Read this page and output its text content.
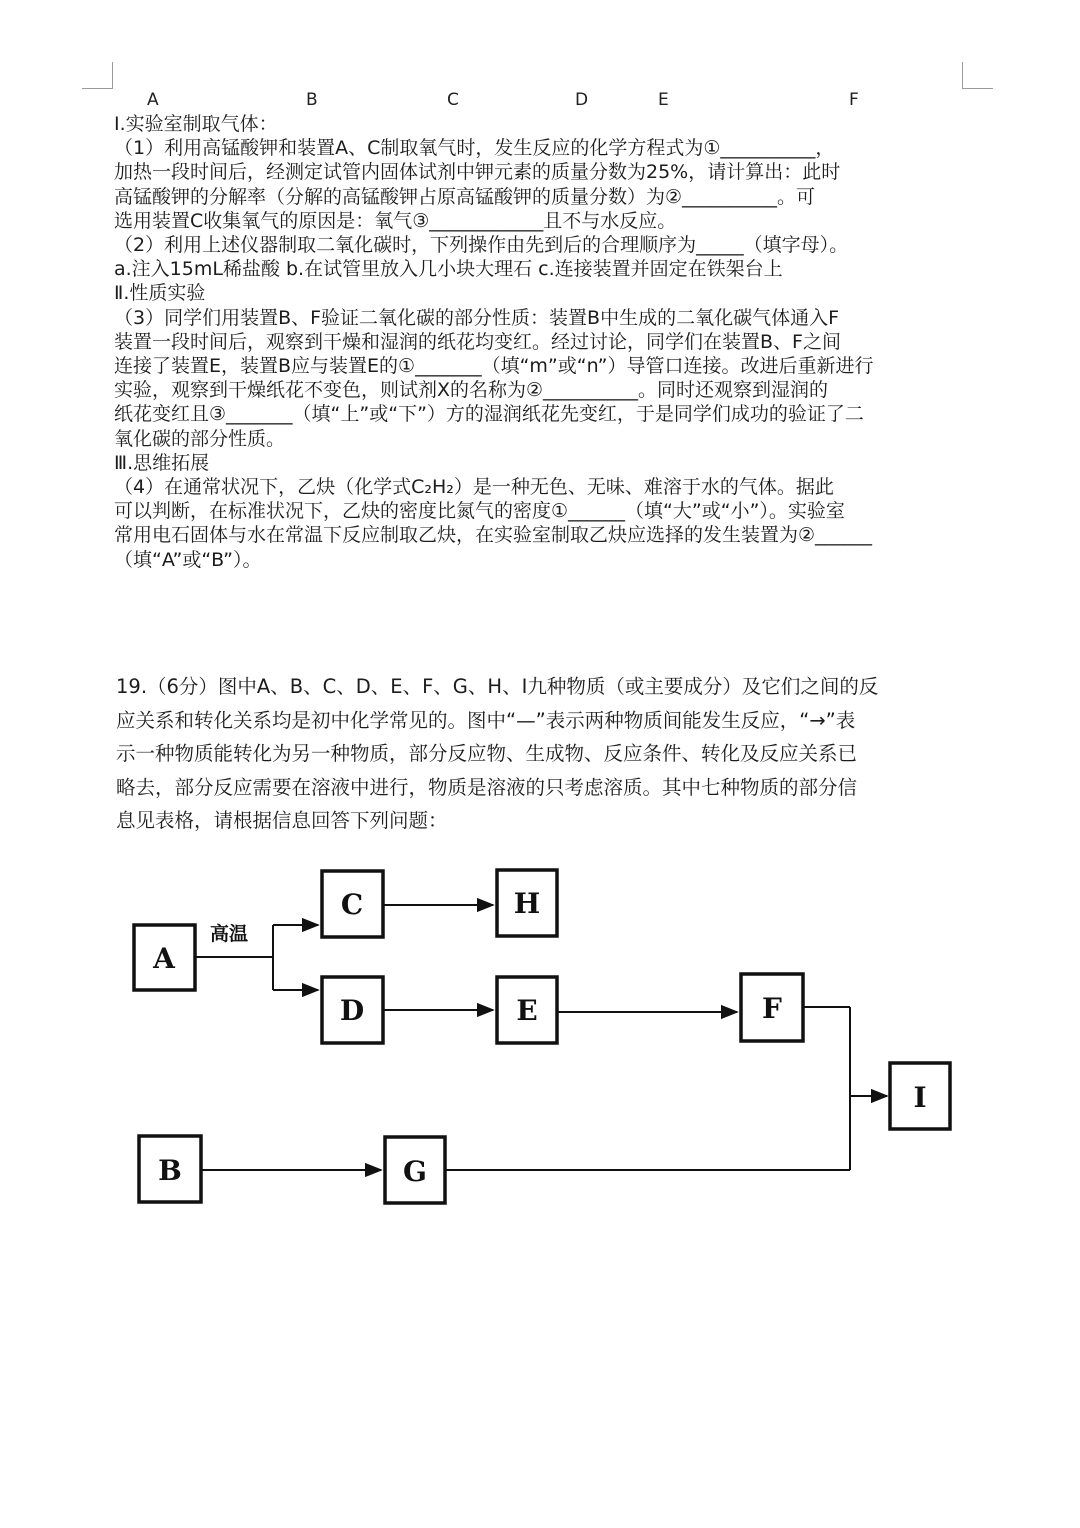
A	B	C	D	E	F
Ⅰ.实验室制取气体：
（1）利用高锰酸钾和装置A、C制取氧气时，发生反应的化学方程式为①__________，
加热一段时间后，经测定试管内固体试剂中钾元素的质量分数为25%，请计算出：此时
高锰酸钾的分解率（分解的高锰酸钾占原高锰酸钾的质量分数）为②__________。可
选用装置C收集氧气的原因是：氧气③____________且不与水反应。
（2）利用上述仪器制取二氧化碳时，下列操作由先到后的合理顺序为_____（填字母）。
a.注入15mL稀盐酸 b.在试管里放入几小块大理石 c.连接装置并固定在铁架台上
Ⅱ.性质实验
（3）同学们用装置B、F验证二氧化碳的部分性质：装置B中生成的二氧化碳气体通入F
装置一段时间后，观察到干燥和湿润的纸花均变红。经过讨论，同学们在装置B、F之间
连接了装置E，装置B应与装置E的①_______（填“m”或“n”）导管口连接。改进后重新进行
实验，观察到干燥纸花不变色，则试剂X的名称为②__________。同时还观察到湿润的
纸花变红且③_______（填“上”或“下”）方的湿润纸花先变红，于是同学们成功的验证了二
氧化碳的部分性质。
Ⅲ.思维拓展
（4）在通常状况下，乙炔（化学式C₂H₂）是一种无色、无味、难溶于水的气体。据此
可以判断，在标准状况下，乙炔的密度比氮气的密度①______（填“大”或“小”）。实验室
常用电石固体与水在常温下反应制取乙炔，在实验室制取乙炔应选择的发生装置为②______
（填“A”或“B”）。
19.（6分）图中A、B、C、D、E、F、G、H、I九种物质（或主要成分）及它们之间的反
应关系和转化关系均是初中化学常见的。图中“—”表示两种物质间能发生反应，“→”表
示一种物质能转化为另一种物质，部分反应物、生成物、反应条件、转化及反应关系已
略去，部分反应需要在溶液中进行，物质是溶液的只考虑溶质。其中七种物质的部分信
息见表格，请根据信息回答下列问题：
高温
A
B
C
D	E	F
G
H
I
